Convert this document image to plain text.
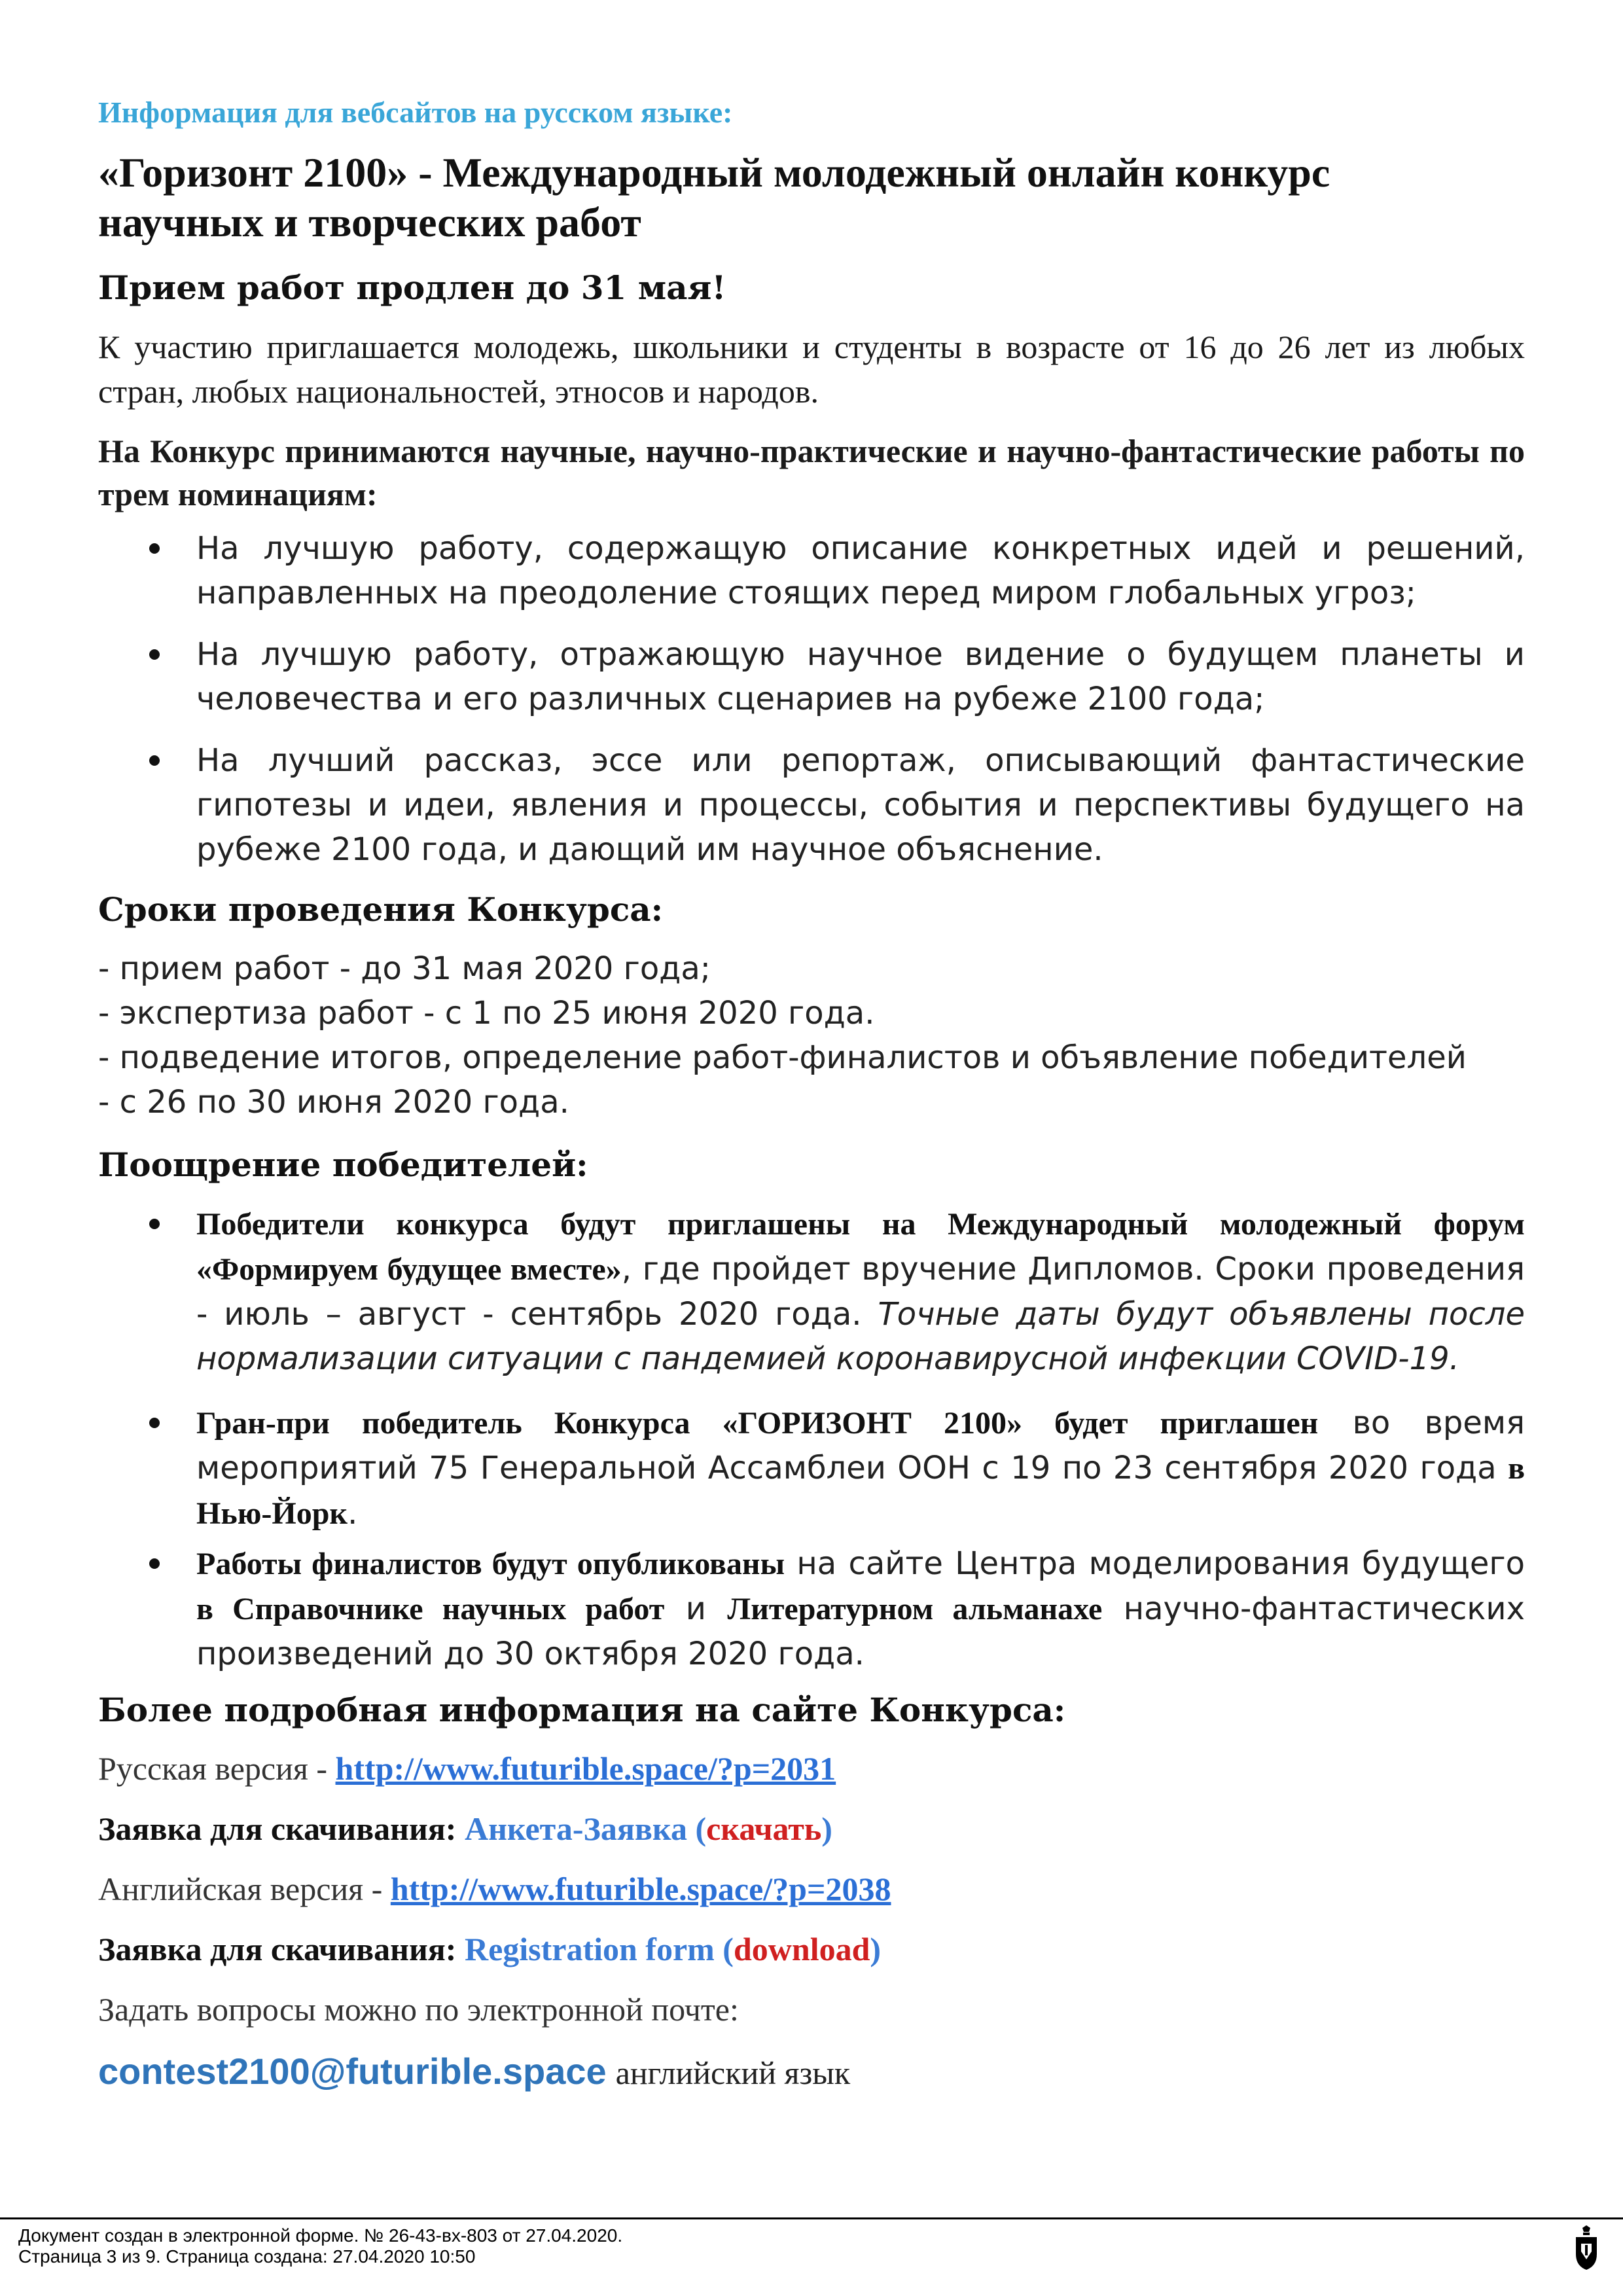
Информация для вебсайтов на русском языке:

«Горизонт 2100» - Международный молодежный онлайн конкурс
научных и творческих работ

Прием работ продлен до 31 мая!

К участию приглашается молодежь, школьники и студенты в возрасте от 16 до 26 лет из любых стран, любых национальностей, этносов и народов.

На Конкурс принимаются научные, научно-практические и научно-фантастические работы по трем номинациям:

На лучшую работу, содержащую описание конкретных идей и решений, направленных на преодоление стоящих перед миром глобальных угроз;
На лучшую работу, отражающую научное видение о будущем планеты и человечества и его различных сценариев на рубеже 2100 года;
На лучший рассказ, эссе или репортаж, описывающий фантастические гипотезы и идеи, явления и процессы, события и перспективы будущего на рубеже 2100 года, и дающий им научное объяснение.

Сроки проведения Конкурса:

- прием работ - до 31 мая 2020 года;

- экспертиза работ - с 1 по 25 июня 2020 года.

- подведение итогов, определение работ-финалистов и объявление победителей

- с 26 по 30 июня 2020 года.

Поощрение победителей:

Победители конкурса будут приглашены на Международный молодежный форум «Формируем будущее вместе», где пройдет вручение Дипломов. Сроки проведения - июль – август - сентябрь 2020 года. Точные даты будут объявлены после нормализации ситуации с пандемией коронавирусной инфекции COVID-19.
Гран-при победитель Конкурса «ГОРИЗОНТ 2100» будет приглашен во время мероприятий 75 Генеральной Ассамблеи ООН с 19 по 23 сентября 2020 года в Нью-Йорк.
Работы финалистов будут опубликованы на сайте Центра моделирования будущего в Справочнике научных работ и Литературном альманахе научно-фантастических произведений до 30 октября 2020 года.

Более подробная информация на сайте Конкурса:

Русская версия - http://www.futurible.space/?p=2031

Заявка для скачивания: Анкета-Заявка (скачать)

Английская версия - http://www.futurible.space/?p=2038

Заявка для скачивания: Registration form (download)

Задать вопросы можно по электронной почте:

contest2100@futurible.space английский язык

Документ создан в электронной форме. № 26-43-вх-803 от 27.04.2020.
Страница 3 из 9. Страница создана: 27.04.2020 10:50
